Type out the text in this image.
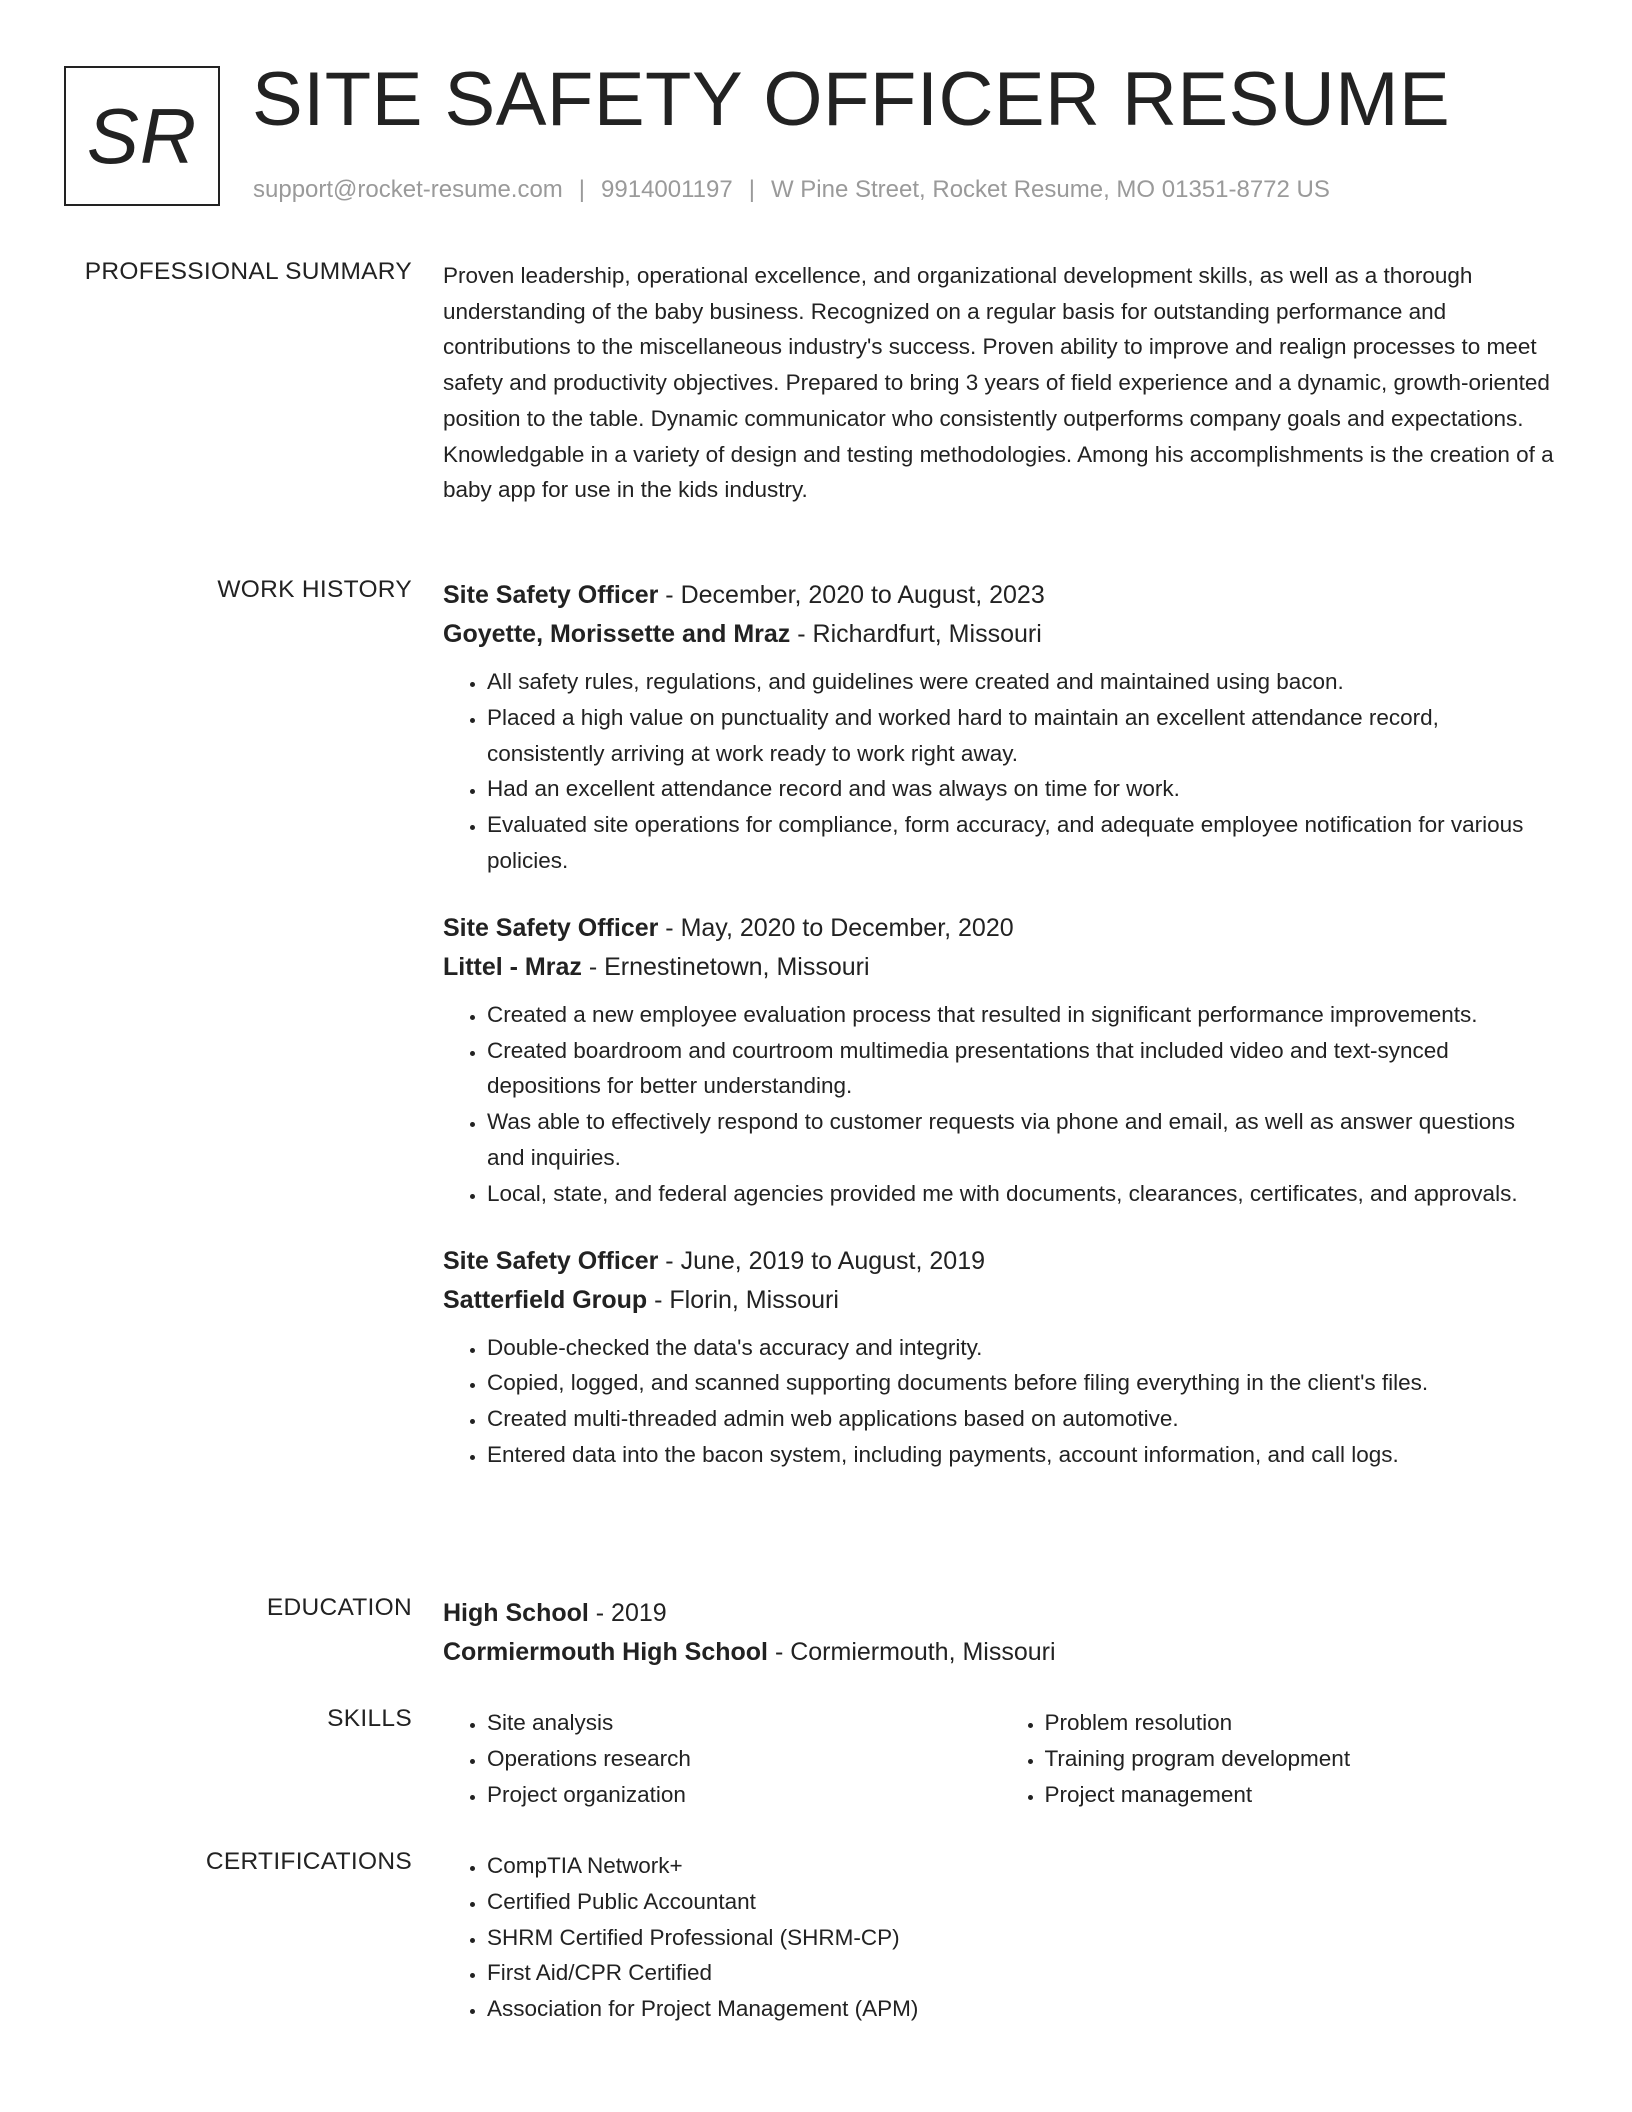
SR SITE SAFETY OFFICER RESUME
support@rocket-resume.com | 9914001197 | W Pine Street, Rocket Resume, MO 01351-8772 US
PROFESSIONAL SUMMARY Proven leadership, operational excellence, and organizational development skills, as well as a thorough understanding of the baby business. Recognized on a regular basis for outstanding performance and contributions to the miscellaneous industry's success. Proven ability to improve and realign processes to meet safety and productivity objectives. Prepared to bring 3 years of field experience and a dynamic, growth-oriented position to the table. Dynamic communicator who consistently outperforms company goals and expectations. Knowledgable in a variety of design and testing methodologies. Among his accomplishments is the creation of a baby app for use in the kids industry.

WORK HISTORY Site Safety Officer - December, 2020 to August, 2023
Goyette, Morissette and Mraz - Richardfurt, Missouri
• All safety rules, regulations, and guidelines were created and maintained using bacon.
• Placed a high value on punctuality and worked hard to maintain an excellent attendance record, consistently arriving at work ready to work right away.
• Had an excellent attendance record and was always on time for work.
• Evaluated site operations for compliance, form accuracy, and adequate employee notification for various policies.
Site Safety Officer - May, 2020 to December, 2020
Littel - Mraz - Ernestinetown, Missouri
• Created a new employee evaluation process that resulted in significant performance improvements.
• Created boardroom and courtroom multimedia presentations that included video and text-synced depositions for better understanding.
• Was able to effectively respond to customer requests via phone and email, as well as answer questions and inquiries.
• Local, state, and federal agencies provided me with documents, clearances, certificates, and approvals.
Site Safety Officer - June, 2019 to August, 2019
Satterfield Group - Florin, Missouri
• Double-checked the data's accuracy and integrity.
• Copied, logged, and scanned supporting documents before filing everything in the client's files.
• Created multi-threaded admin web applications based on automotive.
• Entered data into the bacon system, including payments, account information, and call logs.
EDUCATION High School - 2019
Cormiermouth High School - Cormiermouth, Missouri
SKILLS	• Site analysis
• Operations research
• Project organization
• Problem resolution
• Training program development
• Project management
CERTIFICATIONS	• CompTIA Network+
• Certified Public Accountant
• SHRM Certified Professional (SHRM-CP)
• First Aid/CPR Certified
• Association for Project Management (APM)
